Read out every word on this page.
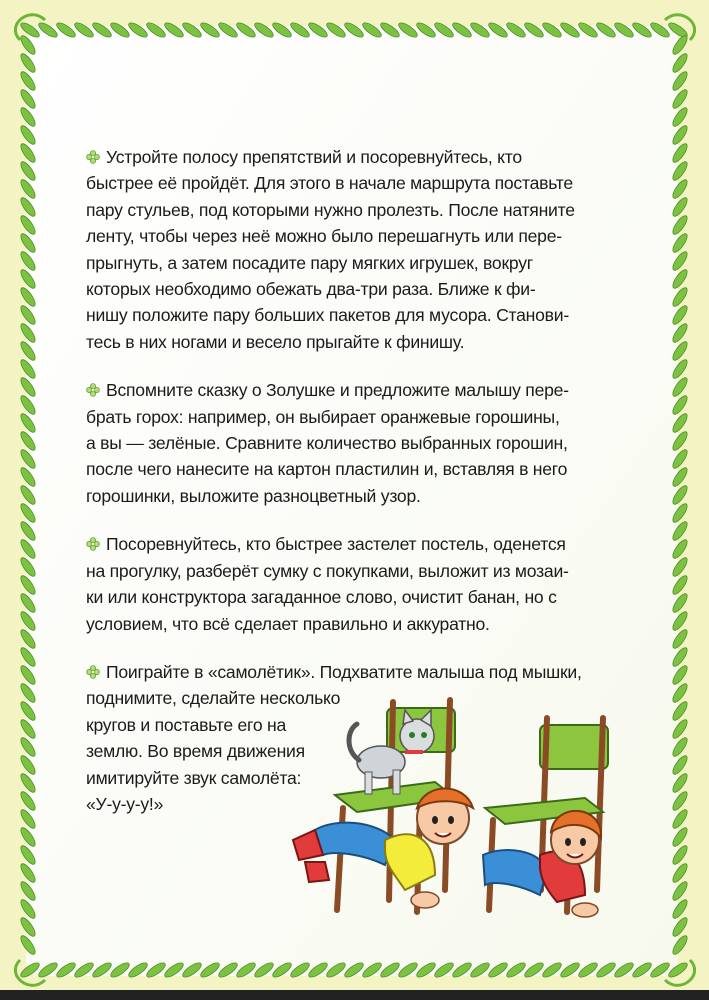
Устройте полосу препятствий и посоревнуйтесь, кто
быстрее её пройдёт. Для этого в начале маршрута поставьте
пару стульев, под которыми нужно пролезть. После натяните
ленту, чтобы через неё можно было перешагнуть или пере-
прыгнуть, а затем посадите пару мягких игрушек, вокруг
которых необходимо обежать два-три раза. Ближе к фи-
нишу положите пару больших пакетов для мусора. Станови-
тесь в них ногами и весело прыгайте к финишу.

Вспомните сказку о Золушке и предложите малышу пере-
брать горох: например, он выбирает оранжевые горошины,
а вы — зелёные. Сравните количество выбранных горошин,
после чего нанесите на картон пластилин и, вставляя в него
горошинки, выложите разноцветный узор.

Посоревнуйтесь, кто быстрее застелет постель, оденется
на прогулку, разберёт сумку с покупками, выложит из мозаи-
ки или конструктора загаданное слово, очистит банан, но с
условием, что всё сделает правильно и аккуратно.

Поиграйте в «самолётик». Подхватите малыша под мышки,
поднимите, сделайте несколько
кругов и поставьте его на
землю. Во время движения
имитируйте звук самолёта:
«У-у-у-у!»
